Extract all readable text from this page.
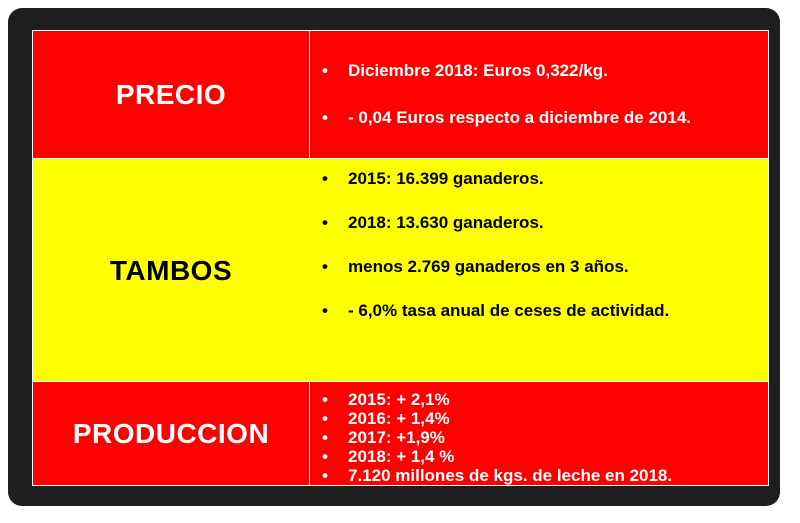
PRECIO
• Diciembre 2018: Euros 0,322/kg.
• - 0,04 Euros respecto a diciembre de 2014.
TAMBOS
• 2015: 16.399 ganaderos.
• 2018: 13.630 ganaderos.
• menos 2.769 ganaderos en 3 años.
• - 6,0% tasa anual de ceses de actividad.
PRODUCCION
• 2015: + 2,1%
• 2016: + 1,4%
• 2017: +1,9%
• 2018: + 1,4 %
• 7.120 millones de kgs. de leche en 2018.
